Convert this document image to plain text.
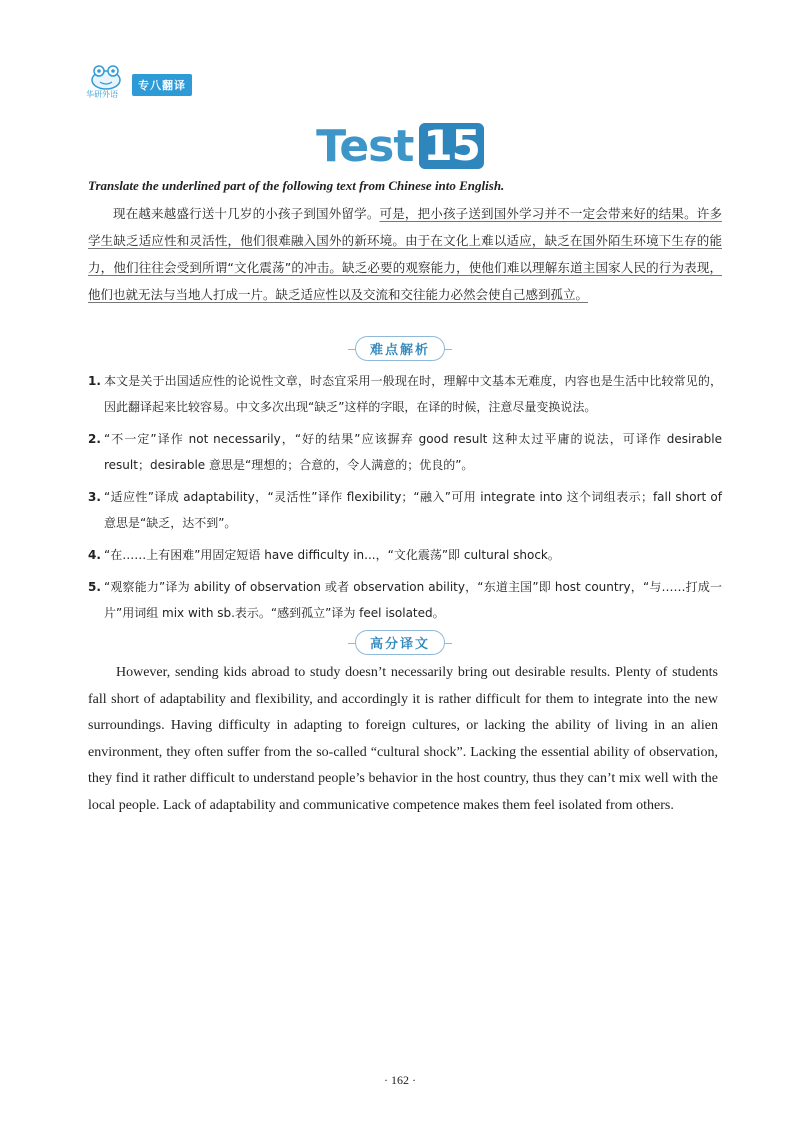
华研外语
专八翻译
Test 15
Translate the underlined part of the following text from Chinese into English.
现在越来越盛行送十几岁的小孩子到国外留学。可是，把小孩子送到国外学习并不一定会带来好的结果。许多学生缺乏适应性和灵活性，他们很难融入国外的新环境。由于在文化上难以适应，缺乏在国外陌生环境下生存的能力，他们往往会受到所谓“文化震荡”的冲击。缺乏必要的观察能力，使他们难以理解东道主国家人民的行为表现，他们也就无法与当地人打成一片。缺乏适应性以及交流和交往能力必然会使自己感到孤立。
难点解析
1. 本文是关于出国适应性的论说性文章，时态宜采用一般现在时，理解中文基本无难度，内容也是生活中比较常见的，因此翻译起来比较容易。中文多次出现“缺乏”这样的字眼，在译的时候，注意尽量变换说法。
2. “不一定”译作 not necessarily，“好的结果”应该摒弃 good result 这种太过平庸的说法，可译作 desirable result；desirable 意思是“理想的；合意的，令人满意的；优良的”。
3. “适应性”译成 adaptability，“灵活性”译作 flexibility；“融入”可用 integrate into 这个词组表示；fall short of 意思是“缺乏，达不到”。
4. “在……上有困难”用固定短语 have difficulty in...，“文化震荡”即 cultural shock。
5. “观察能力”译为 ability of observation 或者 observation ability，“东道主国”即 host country，“与……打成一片”用词组 mix with sb.表示。“感到孤立”译为 feel isolated。
高分译文
However, sending kids abroad to study doesn’t necessarily bring out desirable results. Plenty of students fall short of adaptability and flexibility, and accordingly it is rather difficult for them to integrate into the new surroundings. Having difficulty in adapting to foreign cultures, or lacking the ability of living in an alien environment, they often suffer from the so-called “cultural shock”. Lacking the essential ability of observation, they find it rather difficult to understand people’s behavior in the host country, thus they can’t mix well with the local people. Lack of adaptability and communicative competence makes them feel isolated from others.
· 162 ·
